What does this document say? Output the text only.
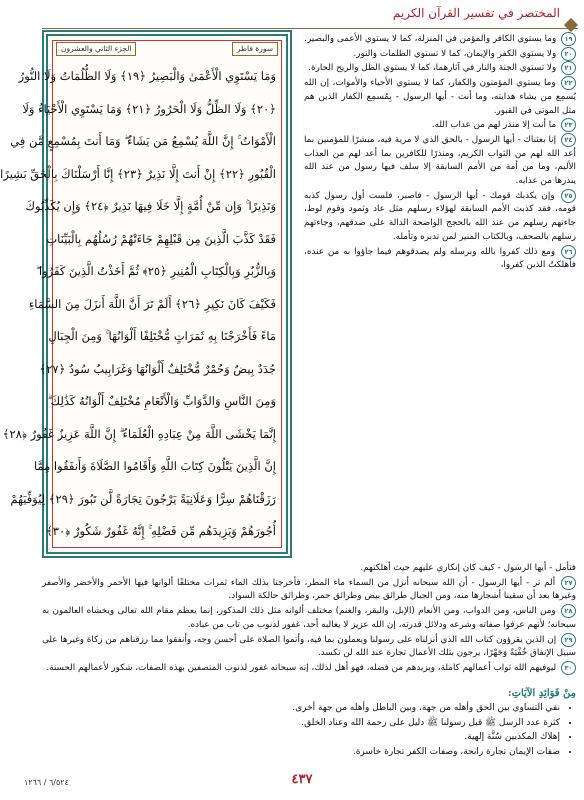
المختصر في تفسير القرآن الكريم
سورة فاطر
الجزء الثاني والعشرون
وَمَا يَسْتَوِي الْأَعْمَىٰ وَالْبَصِيرُ ﴿١٩﴾ وَلَا الظُّلُمَاتُ وَلَا النُّورُ
﴿٢٠﴾ وَلَا الظِّلُّ وَلَا الْحَرُورُ ﴿٢١﴾ وَمَا يَسْتَوِي الْأَحْيَاءُ وَلَا
الْأَمْوَاتُ ۚ إِنَّ اللَّهَ يُسْمِعُ مَن يَشَاءُ ۖ وَمَا أَنتَ بِمُسْمِعٍ مَّن فِي
الْقُبُورِ ﴿٢٢﴾ إِنْ أَنتَ إِلَّا نَذِيرٌ ﴿٢٣﴾ إِنَّا أَرْسَلْنَاكَ بِالْحَقِّ بَشِيرًا
وَنَذِيرًا ۚ وَإِن مِّنْ أُمَّةٍ إِلَّا خَلَا فِيهَا نَذِيرٌ ﴿٢٤﴾ وَإِن يُكَذِّبُوكَ
فَقَدْ كَذَّبَ الَّذِينَ مِن قَبْلِهِمْ جَاءَتْهُمْ رُسُلُهُم بِالْبَيِّنَاتِ
وَبِالزُّبُرِ وَبِالْكِتَابِ الْمُنِيرِ ﴿٢٥﴾ ثُمَّ أَخَذْتُ الَّذِينَ كَفَرُوا ۖ
فَكَيْفَ كَانَ نَكِيرِ ﴿٢٦﴾ أَلَمْ تَرَ أَنَّ اللَّهَ أَنزَلَ مِنَ السَّمَاءِ
مَاءً فَأَخْرَجْنَا بِهِ ثَمَرَاتٍ مُّخْتَلِفًا أَلْوَانُهَا ۚ وَمِنَ الْجِبَالِ
جُدَدٌ بِيضٌ وَحُمْرٌ مُّخْتَلِفٌ أَلْوَانُهَا وَغَرَابِيبُ سُودٌ ﴿٢٧﴾
وَمِنَ النَّاسِ وَالدَّوَابِّ وَالْأَنْعَامِ مُخْتَلِفٌ أَلْوَانُهُ كَذَٰلِكَ ۗ
إِنَّمَا يَخْشَى اللَّهَ مِنْ عِبَادِهِ الْعُلَمَاءُ ۗ إِنَّ اللَّهَ عَزِيزٌ غَفُورٌ ﴿٢٨﴾
إِنَّ الَّذِينَ يَتْلُونَ كِتَابَ اللَّهِ وَأَقَامُوا الصَّلَاةَ وَأَنفَقُوا مِمَّا
رَزَقْنَاهُمْ سِرًّا وَعَلَانِيَةً يَرْجُونَ تِجَارَةً لَّن تَبُورَ ﴿٢٩﴾ لِيُوَفِّيَهُمْ
أُجُورَهُمْ وَيَزِيدَهُم مِّن فَضْلِهِ ۚ إِنَّهُ غَفُورٌ شَكُورٌ ﴿٣٠﴾

١٩ وما يستوي الكافر والمؤمن في المنزلة، كما لا يستوي الأعمى والبصير.

٢٠ ولا يستوي الكفر والإيمان، كما لا تستوي الظلمات والنور.

٢١ ولا تستوي الجنة والنار في آثارهما، كما لا يستوي الظل والريح الحارة.

٢٢ وما يستوي المؤمنون والكفار، كما لا يستوي الأحياء والأموات، إن الله يُسمِع من يشاء هدايته، وما أنت - أيها الرسول - بِمُسمِع الكفار الذين هم مثل الموتى في القبور.

٢٣ ما أنت إلا منذر لهم من عذاب الله.

٢٤ إنا بعثناك - أيها الرسول - بالحق الذي لا مرية فيه، مبشرًا للمؤمنين بما أعد الله لهم من الثواب الكريم، ومنذرًا للكافرين بما أعد لهم من العذاب الأليم، وما من أمة من الأمم السابقة إلا سلف فيها رسول من عند الله ينذرها من عذابه.

٢٥ وإن يكذبك قومك - أيها الرسول - فاصبر، فلست أول رسول كذبه قومه، فقد كذبت الأمم السابقة لهؤلاء رسلهم مثل عاد وثمود وقوم لوط، جاءتهم رسلهم من عند الله بالحجج الواضحة الدالة على صدقهم، وجاءتهم رسلهم بالصحف، وبالكتاب المنير لمن تدبره وتأمله.

٢٦ ومع ذلك كفروا بالله وبرسله ولم يصدقوهم فيما جاؤوا به من عنده، فأهلكتُ الذين كفروا،

فتأمل - أيها الرسول - كيف كان إنكاري عليهم حيث أهلكتهم.

٢٧ ألم تر - أيها الرسول - أن الله سبحانه أنزل من السماء ماء المطر، فأخرجنا بذلك الماء ثمرات مختلفًا ألوانها فيها الأحمر والأخضر والأصفر وغيرها بعد أن سقينا أشجارها منه، ومن الجبال طرائق بيض وطرائق حمر، وطرائق حالكة السواد.

٢٨ ومن الناس، ومن الدواب، ومن الأنعام (الإبل، والبقر، والغنم) مختلف ألوانه مثل ذلك المذكور، إنما يعظم مقام الله تعالى ويخشاه العالمون به سبحانه؛ لأنهم عرفوا صفاته وشرعه ودلائل قدرته، إن الله عزيز لا يغالبه أحد، غفور لذنوب من تاب من عباده.

٢٩ إن الذين يقرؤون كتاب الله الذي أنزلناه على رسولنا ويعملون بما فيه، وأتموا الصلاة على أحسن وجه، وأنفقوا مما رزقناهم من زكاة وغيرها على سبيل الإنفاق خُفْيَةً وَجَهْرًا، يرجون بتلك الأعمال تجارة عند الله لن تكسد.

٣٠ ليوفيهم الله ثواب أعمالهم كاملة، ويزيدهم من فضله، فهو أهل لذلك، إنه سبحانه غفور لذنوب المتصفين بهذه الصفات، شكور لأعمالهم الحسنة.

مِنْ فَوَائِدِ الآيَاتِ:
• نفي التساوي بين الحق وأهله من جهة، وبين الباطل وأهله من جهة أخرى.
• كثرة عدد الرسل ﷺ قبل رسولنا ﷺ دليل على رحمة الله وعناد الخلق.
• إهلاك المكذبين سُنَّة إلهية.
• صفات الإيمان تجارة رابحة، وصفات الكفر تجارة خاسرة.
٤٣٧
٦/٥٢٤ / ١٢٦٦
